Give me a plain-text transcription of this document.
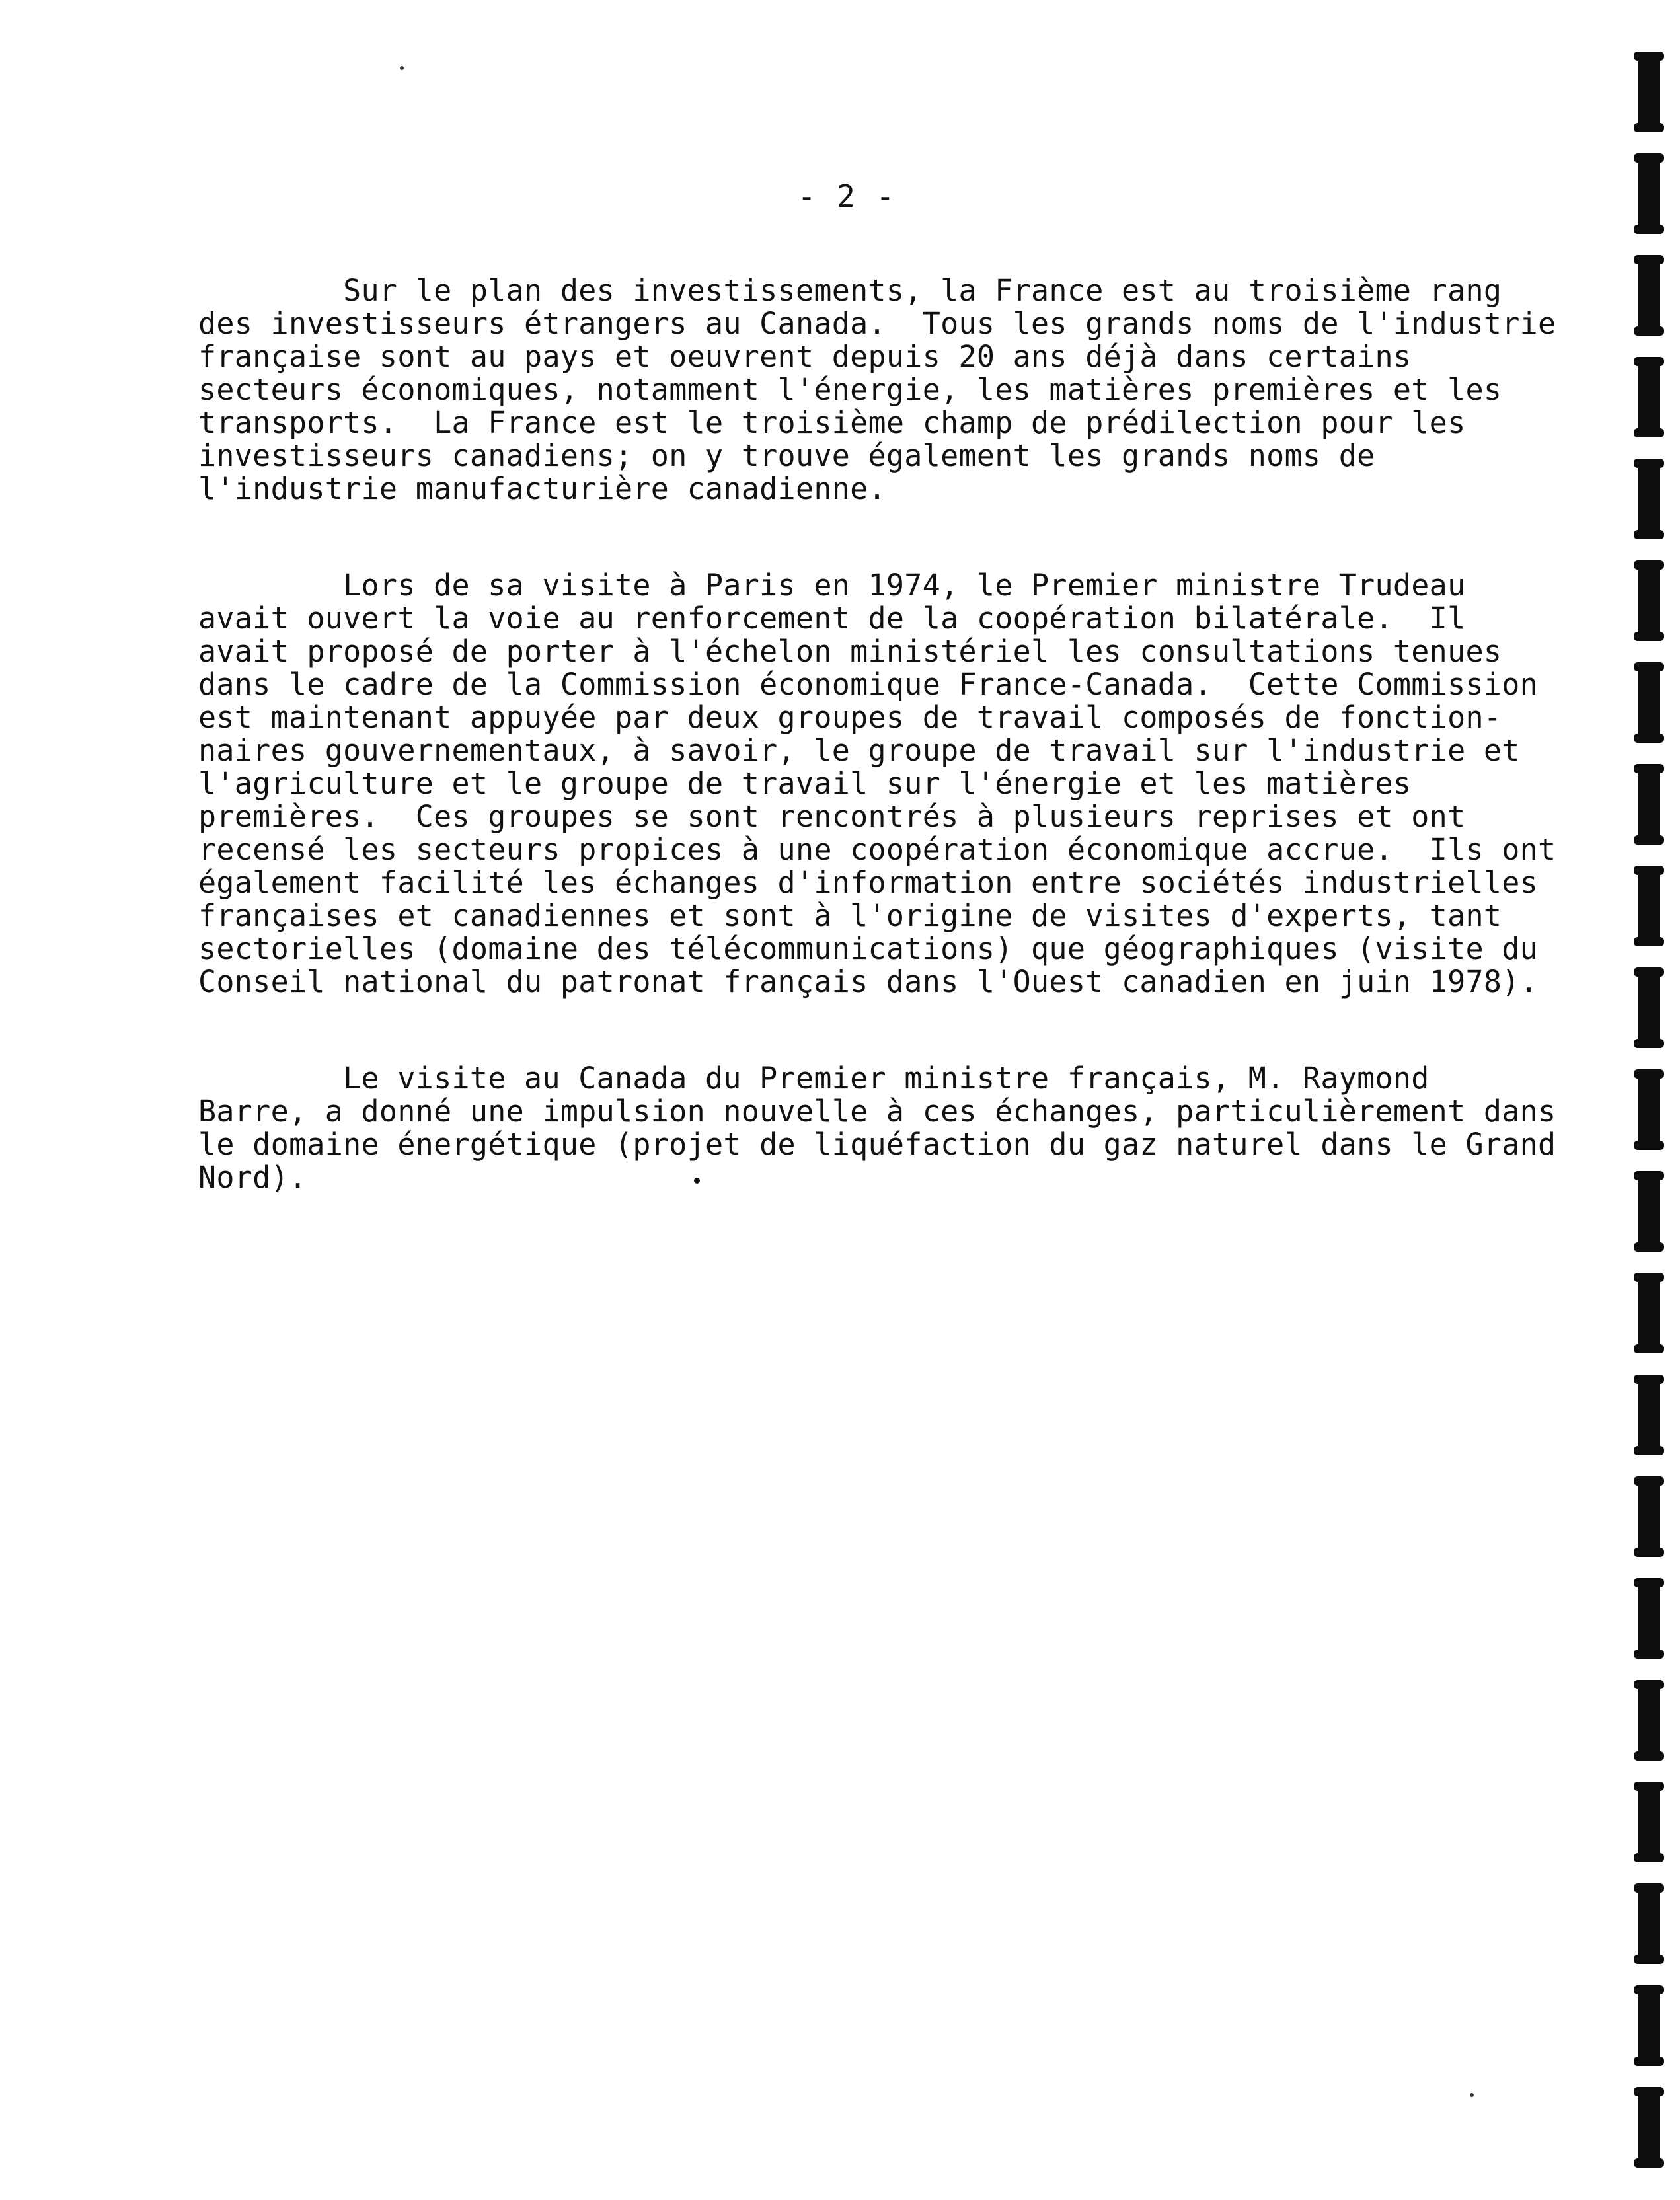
- 2 -
Sur le plan des investissements, la France est au troisième rang
des investisseurs étrangers au Canada.  Tous les grands noms de l'industrie
française sont au pays et oeuvrent depuis 20 ans déjà dans certains
secteurs économiques, notamment l'énergie, les matières premières et les
transports.  La France est le troisième champ de prédilection pour les
investisseurs canadiens; on y trouve également les grands noms de
l'industrie manufacturière canadienne.
Lors de sa visite à Paris en 1974, le Premier ministre Trudeau
avait ouvert la voie au renforcement de la coopération bilatérale.  Il
avait proposé de porter à l'échelon ministériel les consultations tenues
dans le cadre de la Commission économique France-Canada.  Cette Commission
est maintenant appuyée par deux groupes de travail composés de fonction-
naires gouvernementaux, à savoir, le groupe de travail sur l'industrie et
l'agriculture et le groupe de travail sur l'énergie et les matières
premières.  Ces groupes se sont rencontrés à plusieurs reprises et ont
recensé les secteurs propices à une coopération économique accrue.  Ils ont
également facilité les échanges d'information entre sociétés industrielles
françaises et canadiennes et sont à l'origine de visites d'experts, tant
sectorielles (domaine des télécommunications) que géographiques (visite du
Conseil national du patronat français dans l'Ouest canadien en juin 1978).
Le visite au Canada du Premier ministre français, M. Raymond
Barre, a donné une impulsion nouvelle à ces échanges, particulièrement dans
le domaine énergétique (projet de liquéfaction du gaz naturel dans le Grand
Nord).
